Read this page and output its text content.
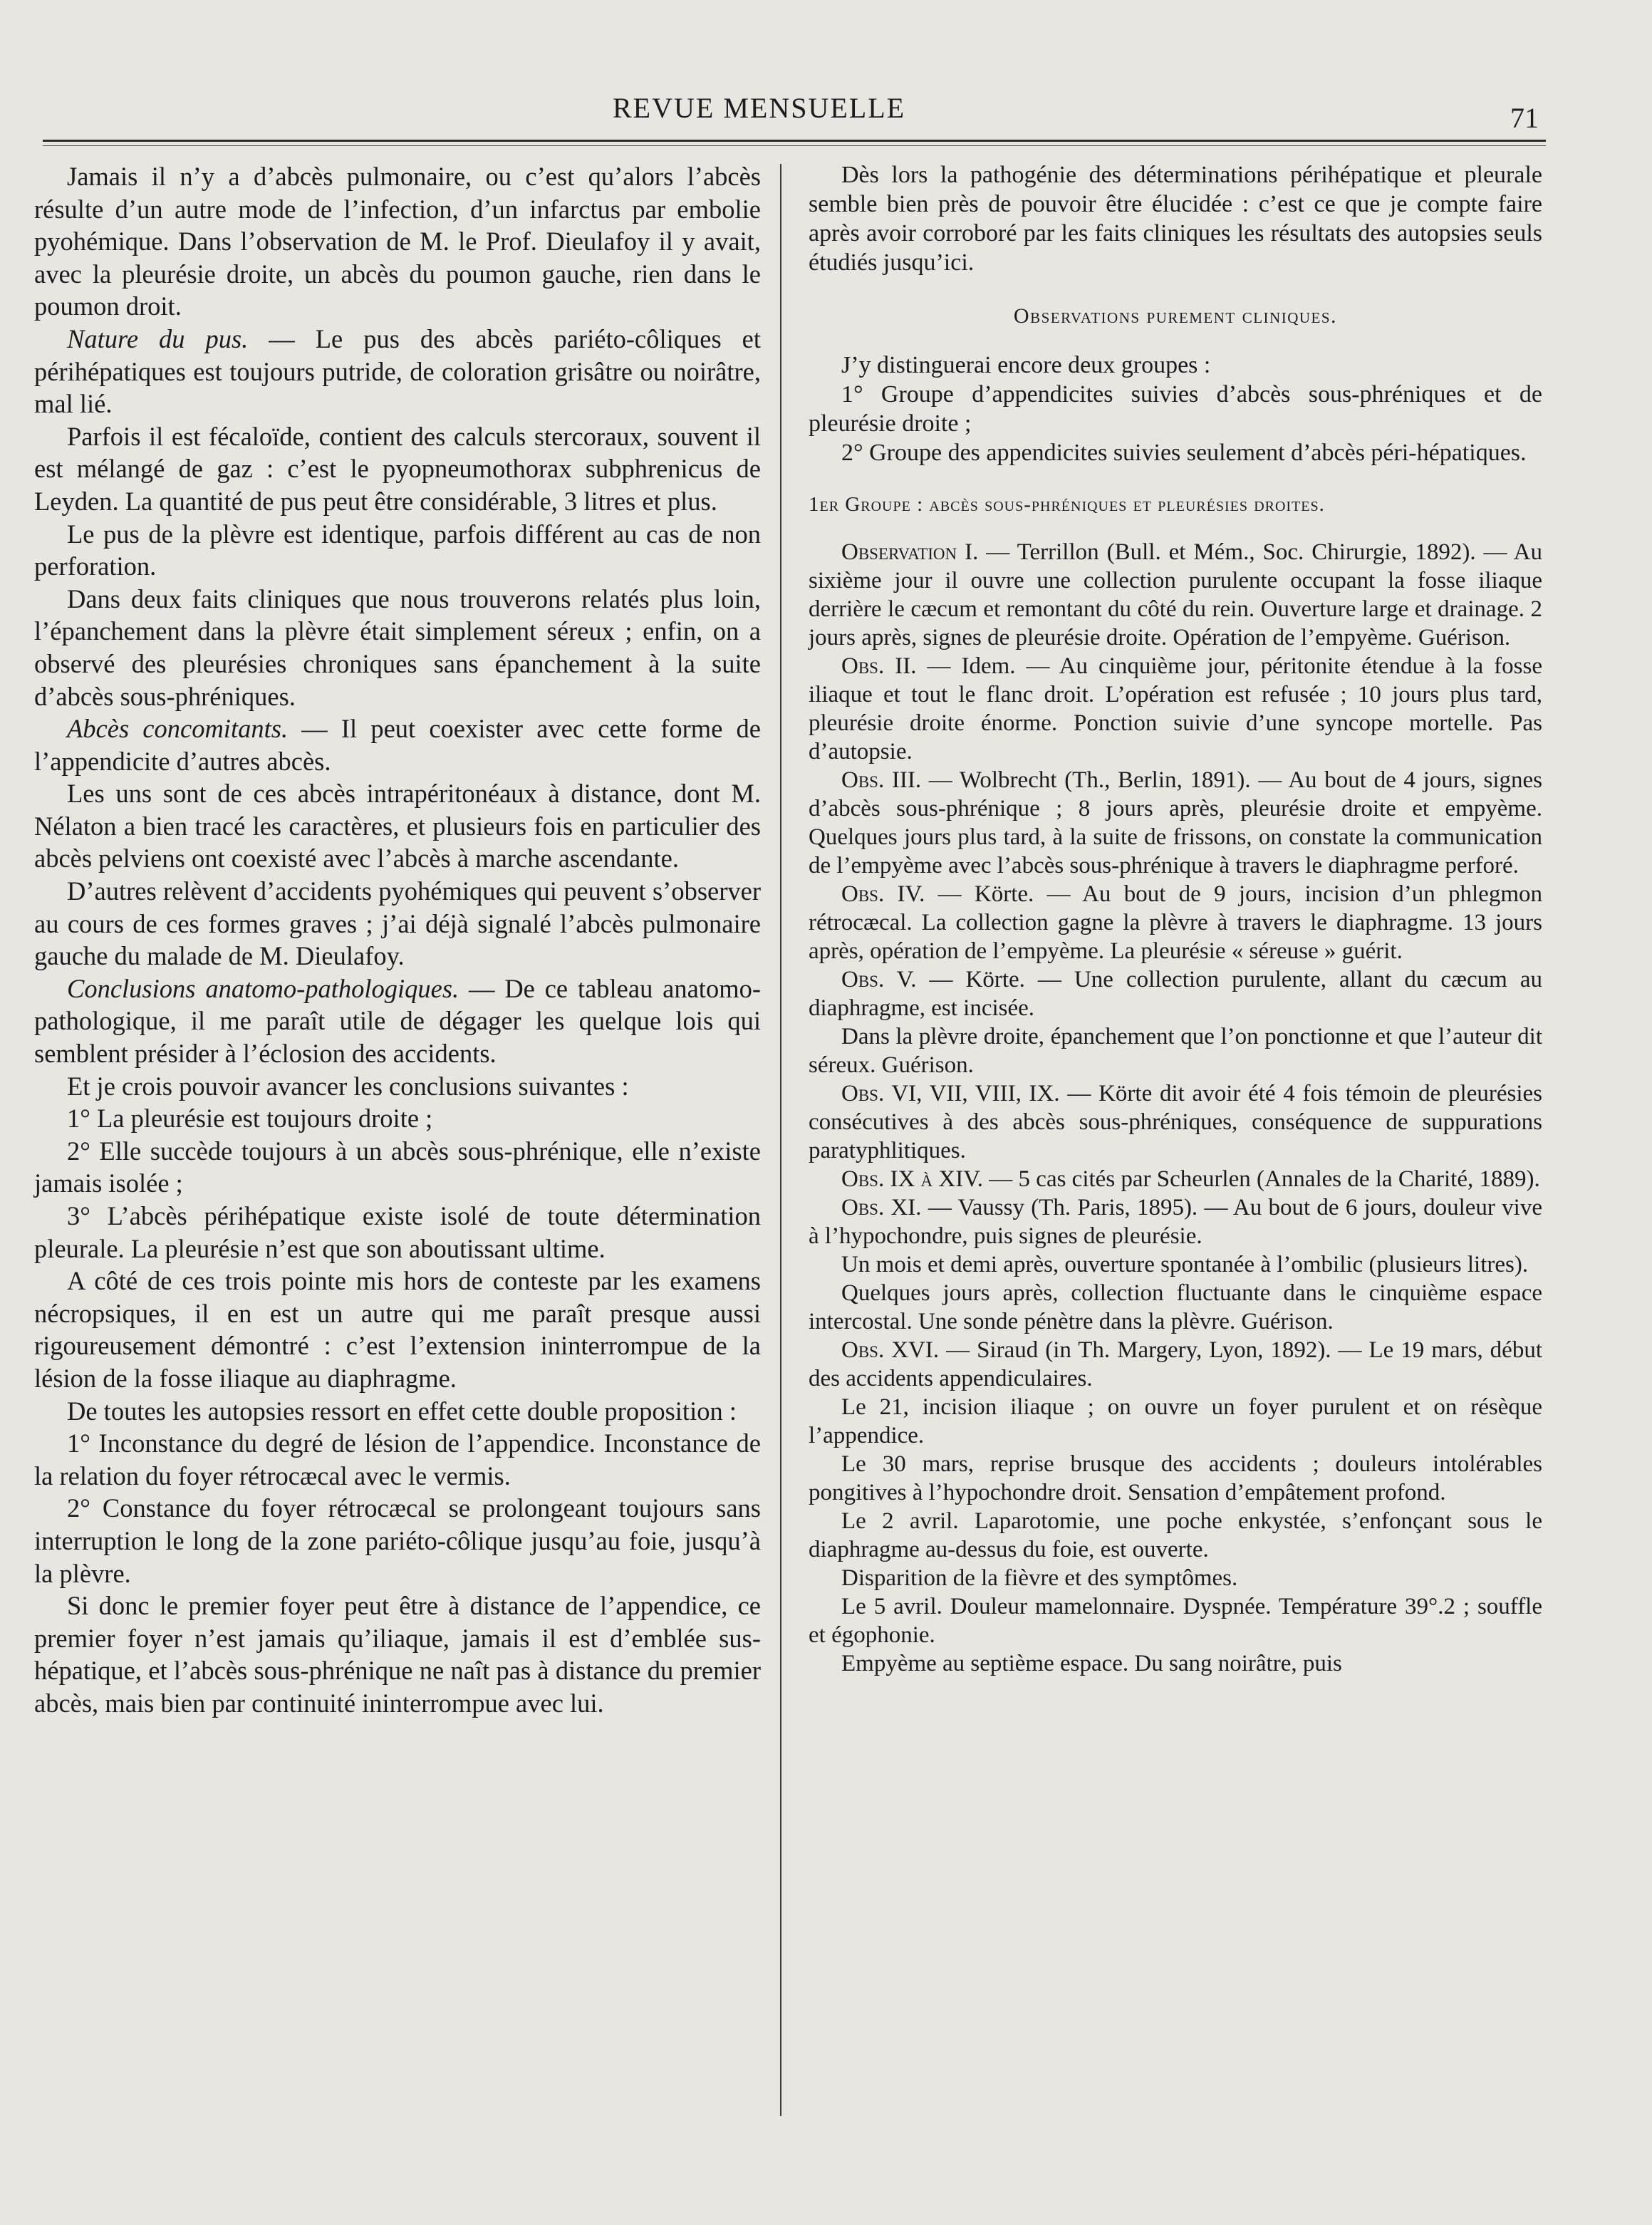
REVUE MENSUELLE	71

Jamais il n’y a d’abcès pulmonaire, ou c’est qu’alors l’abcès résulte d’un autre mode de l’infection, d’un infarctus par embolie pyohémique. Dans l’observation de M. le Prof. Dieulafoy il y avait, avec la pleurésie droite, un abcès du poumon gauche, rien dans le poumon droit.

Nature du pus. — Le pus des abcès pariéto-côliques et périhépatiques est toujours putride, de coloration grisâtre ou noirâtre, mal lié.

Parfois il est fécaloïde, contient des calculs stercoraux, souvent il est mélangé de gaz : c’est le pyopneumothorax subphrenicus de Leyden. La quantité de pus peut être considérable, 3 litres et plus.

Le pus de la plèvre est identique, parfois différent au cas de non perforation.

Dans deux faits cliniques que nous trouverons relatés plus loin, l’épanchement dans la plèvre était simplement séreux ; enfin, on a observé des pleurésies chroniques sans épanchement à la suite d’abcès sous-phréniques.

Abcès concomitants. — Il peut coexister avec cette forme de l’appendicite d’autres abcès.

Les uns sont de ces abcès intrapéritonéaux à distance, dont M. Nélaton a bien tracé les caractères, et plusieurs fois en particulier des abcès pelviens ont coexisté avec l’abcès à marche ascendante.

D’autres relèvent d’accidents pyohémiques qui peuvent s’observer au cours de ces formes graves ; j’ai déjà signalé l’abcès pulmonaire gauche du malade de M. Dieulafoy.

Conclusions anatomo-pathologiques. — De ce tableau anatomo-pathologique, il me paraît utile de dégager les quelque lois qui semblent présider à l’éclosion des accidents.

Et je crois pouvoir avancer les conclusions suivantes :

1° La pleurésie est toujours droite ;

2° Elle succède toujours à un abcès sous-phrénique, elle n’existe jamais isolée ;

3° L’abcès périhépatique existe isolé de toute détermination pleurale. La pleurésie n’est que son aboutissant ultime.

A côté de ces trois pointe mis hors de conteste par les examens nécropsiques, il en est un autre qui me paraît presque aussi rigoureusement démontré : c’est l’extension ininterrompue de la lésion de la fosse iliaque au diaphragme.

De toutes les autopsies ressort en effet cette double proposition :

1° Inconstance du degré de lésion de l’appendice. Inconstance de la relation du foyer rétrocæcal avec le vermis.

2° Constance du foyer rétrocæcal se prolongeant toujours sans interruption le long de la zone pariéto-côlique jusqu’au foie, jusqu’à la plèvre.

Si donc le premier foyer peut être à distance de l’appendice, ce premier foyer n’est jamais qu’iliaque, jamais il est d’emblée sus-hépatique, et l’abcès sous-phrénique ne naît pas à distance du premier abcès, mais bien par continuité ininterrompue avec lui.

Dès lors la pathogénie des déterminations périhépatique et pleurale semble bien près de pouvoir être élucidée : c’est ce que je compte faire après avoir corroboré par les faits cliniques les résultats des autopsies seuls étudiés jusqu’ici.

Observations purement cliniques.

J’y distinguerai encore deux groupes :

1° Groupe d’appendicites suivies d’abcès sous-phréniques et de pleurésie droite ;

2° Groupe des appendicites suivies seulement d’abcès péri-hépatiques.

1er Groupe : abcès sous-phréniques et pleurésies droites.

Observation I. — Terrillon (Bull. et Mém., Soc. Chirurgie, 1892). — Au sixième jour il ouvre une collection purulente occupant la fosse iliaque derrière le cæcum et remontant du côté du rein. Ouverture large et drainage. 2 jours après, signes de pleurésie droite. Opération de l’empyème. Guérison.

Obs. II. — Idem. — Au cinquième jour, péritonite étendue à la fosse iliaque et tout le flanc droit. L’opération est refusée ; 10 jours plus tard, pleurésie droite énorme. Ponction suivie d’une syncope mortelle. Pas d’autopsie.

Obs. III. — Wolbrecht (Th., Berlin, 1891). — Au bout de 4 jours, signes d’abcès sous-phrénique ; 8 jours après, pleurésie droite et empyème. Quelques jours plus tard, à la suite de frissons, on constate la communication de l’empyème avec l’abcès sous-phrénique à travers le diaphragme perforé.

Obs. IV. — Körte. — Au bout de 9 jours, incision d’un phlegmon rétrocæcal. La collection gagne la plèvre à travers le diaphragme. 13 jours après, opération de l’empyème. La pleurésie « séreuse » guérit.

Obs. V. — Körte. — Une collection purulente, allant du cæcum au diaphragme, est incisée.

Dans la plèvre droite, épanchement que l’on ponctionne et que l’auteur dit séreux. Guérison.

Obs. VI, VII, VIII, IX. — Körte dit avoir été 4 fois témoin de pleurésies consécutives à des abcès sous-phréniques, conséquence de suppurations paratyphlitiques.

Obs. IX à XIV. — 5 cas cités par Scheurlen (Annales de la Charité, 1889).

Obs. XI. — Vaussy (Th. Paris, 1895). — Au bout de 6 jours, douleur vive à l’hypochondre, puis signes de pleurésie.

Un mois et demi après, ouverture spontanée à l’ombilic (plusieurs litres).

Quelques jours après, collection fluctuante dans le cinquième espace intercostal. Une sonde pénètre dans la plèvre. Guérison.

Obs. XVI. — Siraud (in Th. Margery, Lyon, 1892). — Le 19 mars, début des accidents appendiculaires.

Le 21, incision iliaque ; on ouvre un foyer purulent et on résèque l’appendice.

Le 30 mars, reprise brusque des accidents ; douleurs intolérables pongitives à l’hypochondre droit. Sensation d’empâtement profond.

Le 2 avril. Laparotomie, une poche enkystée, s’enfonçant sous le diaphragme au-dessus du foie, est ouverte.

Disparition de la fièvre et des symptômes.

Le 5 avril. Douleur mamelonnaire. Dyspnée. Température 39°.2 ; souffle et égophonie.

Empyème au septième espace. Du sang noirâtre, puis
